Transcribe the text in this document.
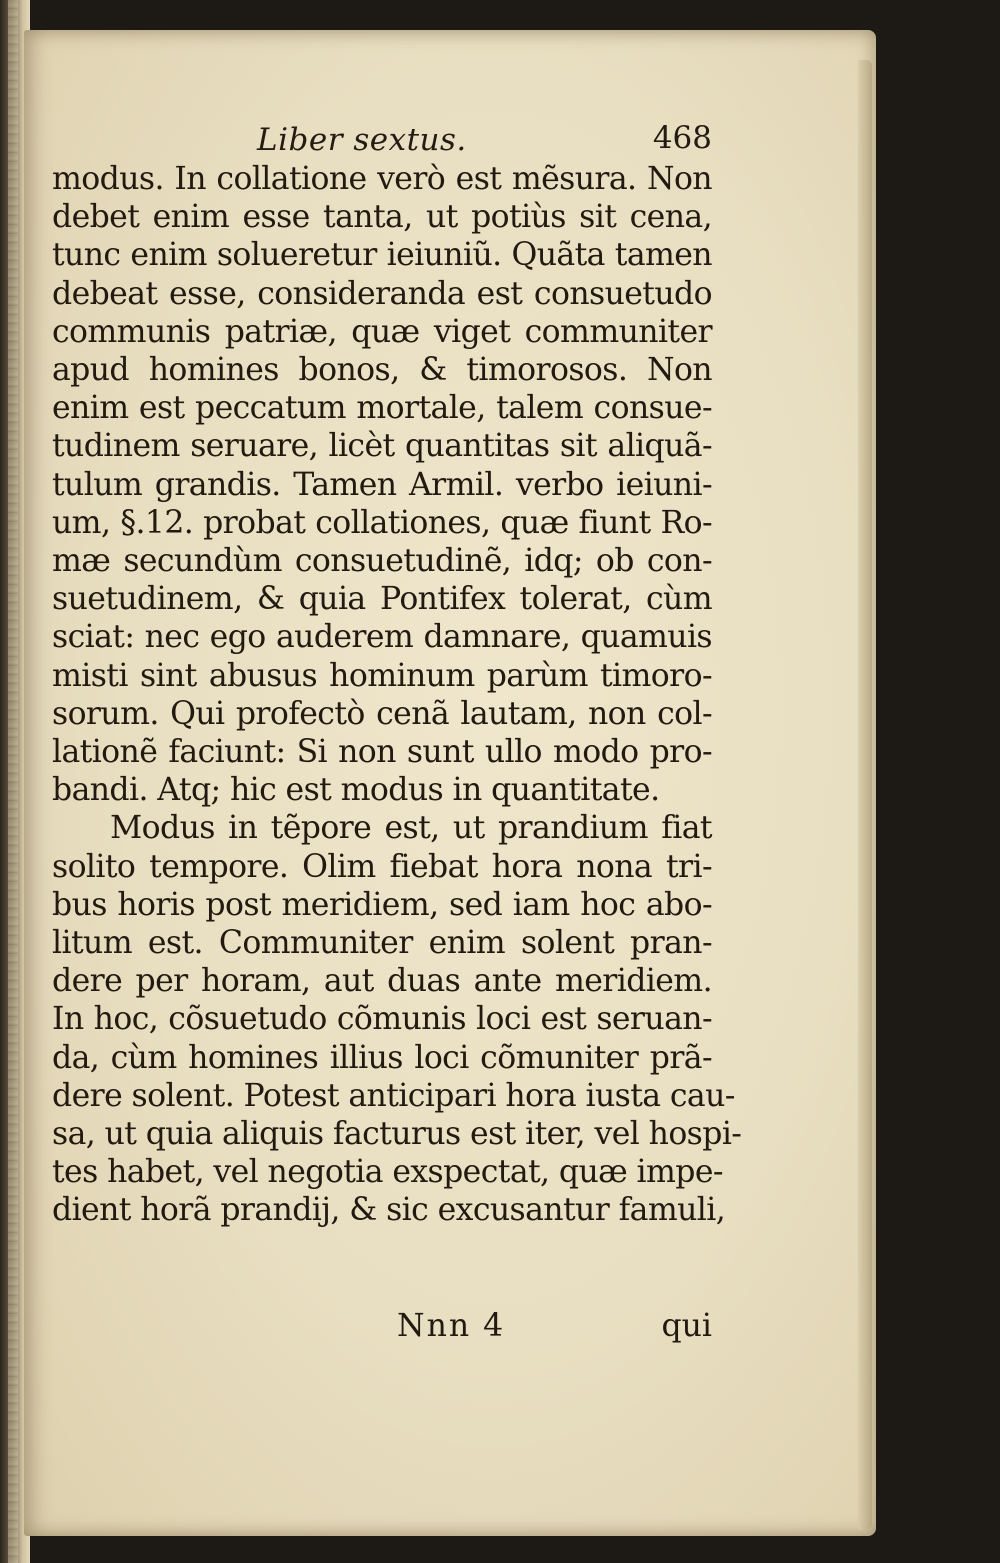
Liber sextus.	468
modus. In collatione verò est mẽsura. Non
debet enim esse tanta, ut potiùs sit cena,
tunc enim solueretur ieiuniũ. Quãta tamen
debeat esse, consideranda est consuetudo
communis patriæ, quæ viget communiter
apud homines bonos, & timorosos. Non
enim est peccatum mortale, talem consue-
tudinem seruare, licèt quantitas sit aliquã-
tulum grandis. Tamen Armil. verbo ieiuni-
um, §.12. probat collationes, quæ fiunt Ro-
mæ secundùm consuetudinẽ, idq; ob con-
suetudinem, & quia Pontifex tolerat, cùm
sciat: nec ego auderem damnare, quamuis
misti sint abusus hominum parùm timoro-
sorum. Qui profectò cenã lautam, non col-
lationẽ faciunt: Si non sunt ullo modo pro-
bandi. Atq; hic est modus in quantitate.
Modus in tẽpore est, ut prandium fiat
solito tempore. Olim fiebat hora nona tri-
bus horis post meridiem, sed iam hoc abo-
litum est. Communiter enim solent pran-
dere per horam, aut duas ante meridiem.
In hoc, cõsuetudo cõmunis loci est seruan-
da, cùm homines illius loci cõmuniter prã-
dere solent. Potest anticipari hora iusta cau-
sa, ut quia aliquis facturus est iter, vel hospi-
tes habet, vel negotia exspectat, quæ impe-
dient horã prandij, & sic excusantur famuli,
Nnn 4	qui
